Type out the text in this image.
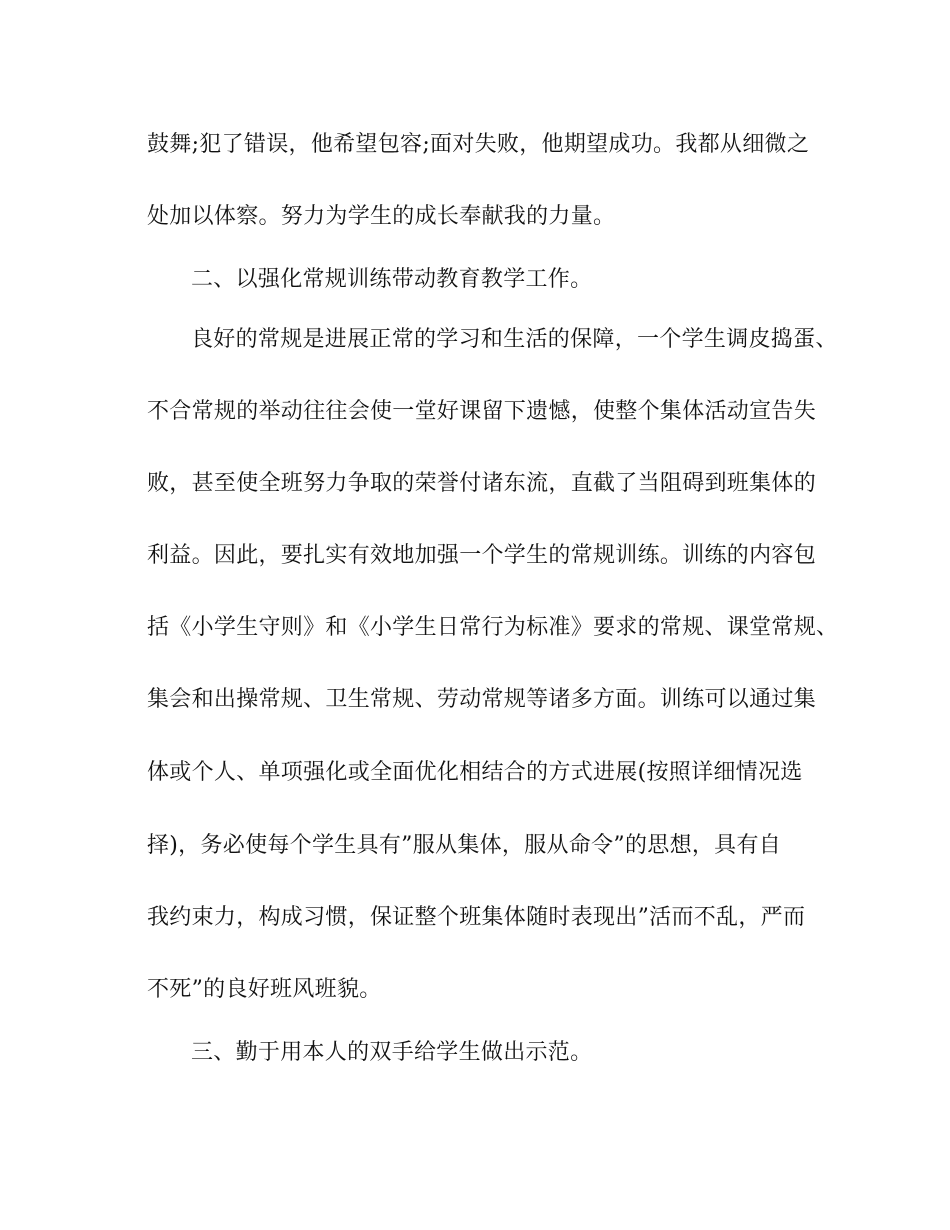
鼓舞;犯了错误，他希望包容;面对失败，他期望成功。我都从细微之
处加以体察。努力为学生的成长奉献我的力量。
二、以强化常规训练带动教育教学工作。
良好的常规是进展正常的学习和生活的保障，一个学生调皮捣蛋、
不合常规的举动往往会使一堂好课留下遗憾，使整个集体活动宣告失
败，甚至使全班努力争取的荣誉付诸东流，直截了当阻碍到班集体的
利益。因此，要扎实有效地加强一个学生的常规训练。训练的内容包
括《小学生守则》和《小学生日常行为标准》要求的常规、课堂常规、
集会和出操常规、卫生常规、劳动常规等诸多方面。训练可以通过集
体或个人、单项强化或全面优化相结合的方式进展(按照详细情况选
择)，务必使每个学生具有”服从集体，服从命令”的思想，具有自
我约束力，构成习惯，保证整个班集体随时表现出”活而不乱，严而
不死”的良好班风班貌。
三、勤于用本人的双手给学生做出示范。
